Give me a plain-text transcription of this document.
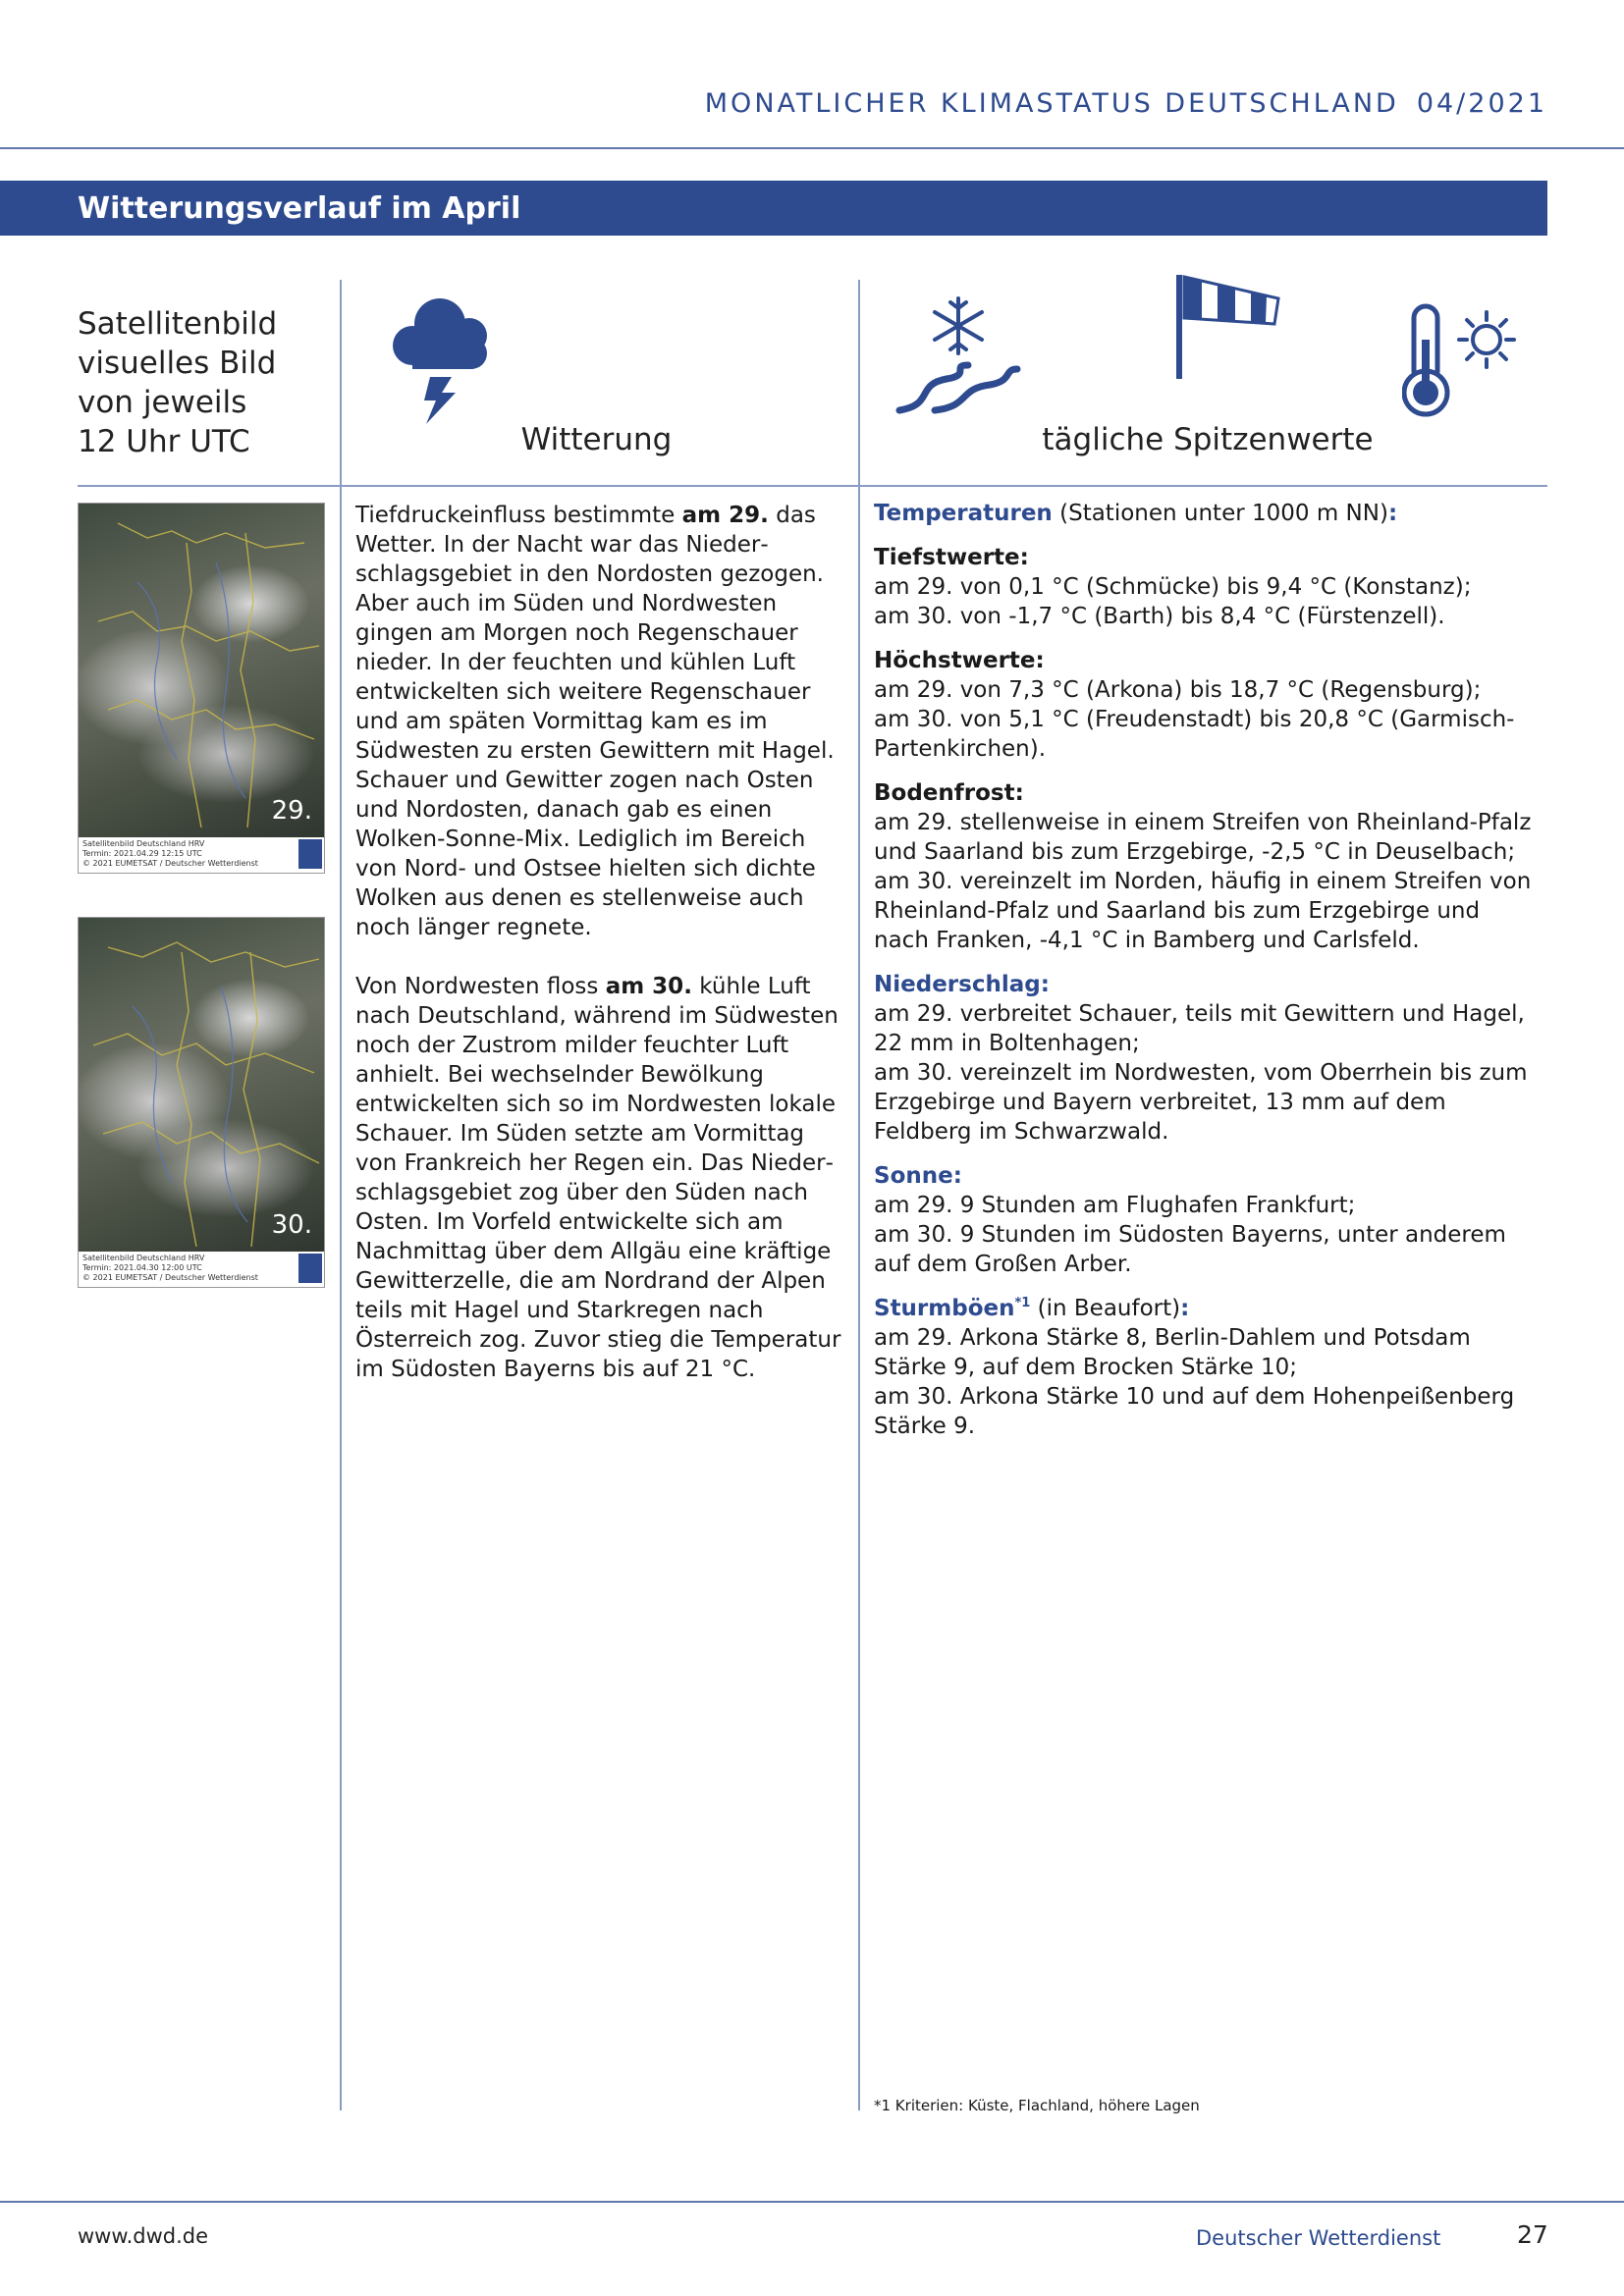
MONATLICHER KLIMASTATUS DEUTSCHLAND 04/2021
Witterungsverlauf im April
Satellitenbild
visuelles Bild
von jeweils
12 Uhr UTC	Witterung	tägliche Spitzenwerte
29.
Satellitenbild Deutschland HRV
Termin: 2021.04.29 12:15 UTC
© 2021 EUMETSAT / Deutscher Wetterdienst
30.
Satellitenbild Deutschland HRV
Termin: 2021.04.30 12:00 UTC
© 2021 EUMETSAT / Deutscher Wetterdienst

Tiefdruckeinfluss bestimmte am 29. das Wetter. In der Nacht war das Niederschlagsgebiet in den Nordosten gezogen. Aber auch im Süden und Nordwesten gingen am Morgen noch Regenschauer nieder. In der feuchten und kühlen Luft entwickelten sich weitere Regenschauer und am späten Vormittag kam es im Südwesten zu ersten Gewittern mit Hagel. Schauer und Gewitter zogen nach Osten und Nordosten, danach gab es einen Wolken-Sonne-Mix. Lediglich im Bereich von Nord- und Ostsee hielten sich dichte Wolken aus denen es stellenweise auch noch länger regnete.

Von Nordwesten floss am 30. kühle Luft nach Deutschland, während im Südwesten noch der Zustrom milder feuchter Luft anhielt. Bei wechselnder Bewölkung entwickelten sich so im Nordwesten lokale Schauer. Im Süden setzte am Vormittag von Frankreich her Regen ein. Das Niederschlagsgebiet zog über den Süden nach Osten. Im Vorfeld entwickelte sich am Nachmittag über dem Allgäu eine kräftige Gewitterzelle, die am Nordrand der Alpen teils mit Hagel und Starkregen nach Österreich zog. Zuvor stieg die Temperatur im Südosten Bayerns bis auf 21 °C.

Temperaturen (Stationen unter 1000 m NN):
Tiefstwerte:
am 29. von 0,1 °C (Schmücke) bis 9,4 °C (Konstanz);
am 30. von -1,7 °C (Barth) bis 8,4 °C (Fürstenzell).
Höchstwerte:
am 29. von 7,3 °C (Arkona) bis 18,7 °C (Regensburg);
am 30. von 5,1 °C (Freudenstadt) bis 20,8 °C (Garmisch-Partenkirchen).
Bodenfrost:
am 29. stellenweise in einem Streifen von Rheinland-Pfalz und Saarland bis zum Erzgebirge, -2,5 °C in Deuselbach;
am 30. vereinzelt im Norden, häufig in einem Streifen von Rheinland-Pfalz und Saarland bis zum Erzgebirge und nach Franken, -4,1 °C in Bamberg und Carlsfeld.
Niederschlag:
am 29. verbreitet Schauer, teils mit Gewittern und Hagel, 22 mm in Boltenhagen;
am 30. vereinzelt im Nordwesten, vom Oberrhein bis zum Erzgebirge und Bayern verbreitet, 13 mm auf dem Feldberg im Schwarzwald.
Sonne:
am 29. 9 Stunden am Flughafen Frankfurt;
am 30. 9 Stunden im Südosten Bayerns, unter anderem auf dem Großen Arber.
Sturmböen$^{*1}$ (in Beaufort):
am 29. Arkona Stärke 8, Berlin-Dahlem und Potsdam Stärke 9, auf dem Brocken Stärke 10;
am 30. Arkona Stärke 10 und auf dem Hohenpeißenberg Stärke 9.
*1 Kriterien: Küste, Flachland, höhere Lagen
www.dwd.de	Deutscher Wetterdienst	27
